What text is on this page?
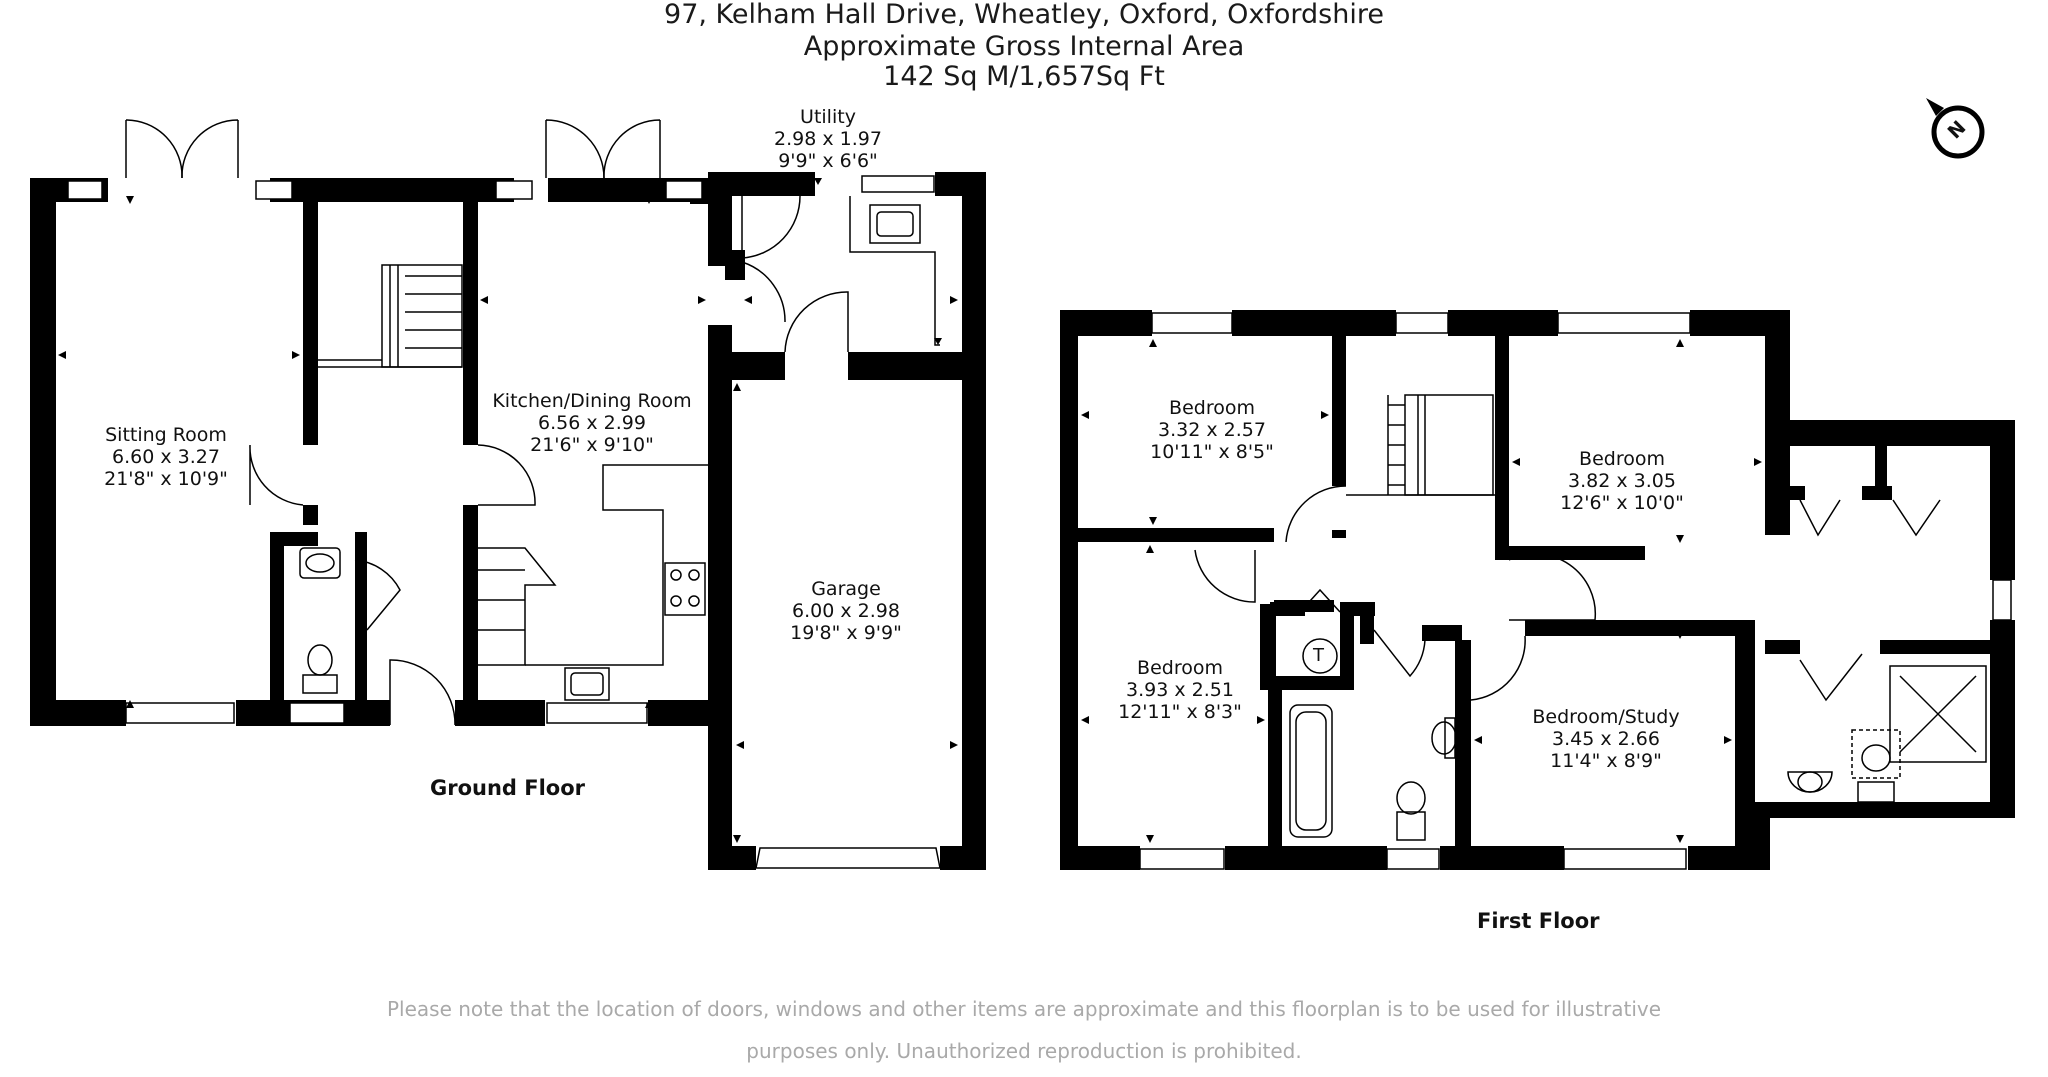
97, Kelham Hall Drive, Wheatley, Oxford, Oxfordshire
Approximate Gross Internal Area
142 Sq M/1,657Sq Ft
N
Utility
2.98 x 1.97
9'9" x 6'6"
Sitting Room
6.60 x 3.27
21'8" x 10'9"
Kitchen/Dining Room
6.56 x 2.99
21'6" x 9'10"
Garage
6.00 x 2.98
19'8" x 9'9"
Ground Floor
Bedroom
3.32 x 2.57
10'11" x 8'5"	Bedroom
3.82 x 3.05
12'6" x 10'0"
Bedroom
3.93 x 2.51
12'11" x 8'3"	Bedroom/Study
3.45 x 2.66
11'4" x 8'9"
T
First Floor
Please note that the location of doors, windows and other items are approximate and this floorplan is to be used for illustrative
purposes only. Unauthorized reproduction is prohibited.
